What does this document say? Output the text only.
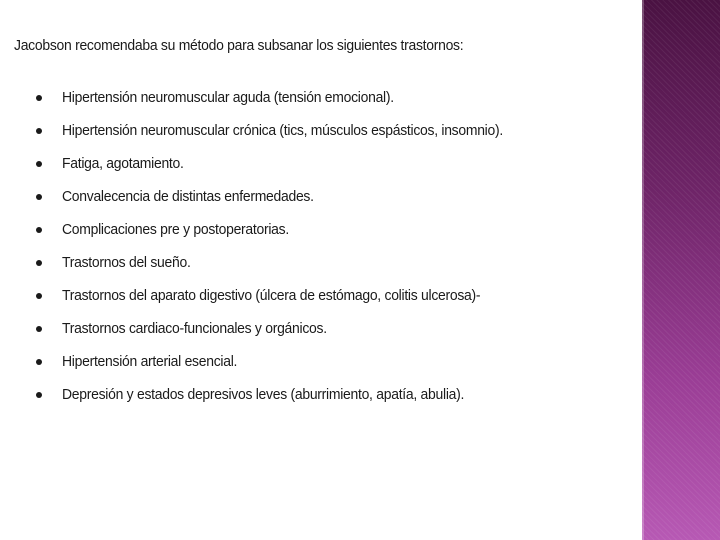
Jacobson recomendaba su método para subsanar los siguientes trastornos:

Hipertensión neuromuscular aguda (tensión emocional).
Hipertensión neuromuscular crónica (tics, músculos espásticos, insomnio).
Fatiga, agotamiento.
Convalecencia de distintas enfermedades.
Complicaciones pre y postoperatorias.
Trastornos del sueño.
Trastornos del aparato digestivo (úlcera de estómago, colitis ulcerosa)-
Trastornos cardiaco-funcionales y orgánicos.
Hipertensión arterial esencial.
Depresión y estados depresivos leves (aburrimiento, apatía, abulia).
